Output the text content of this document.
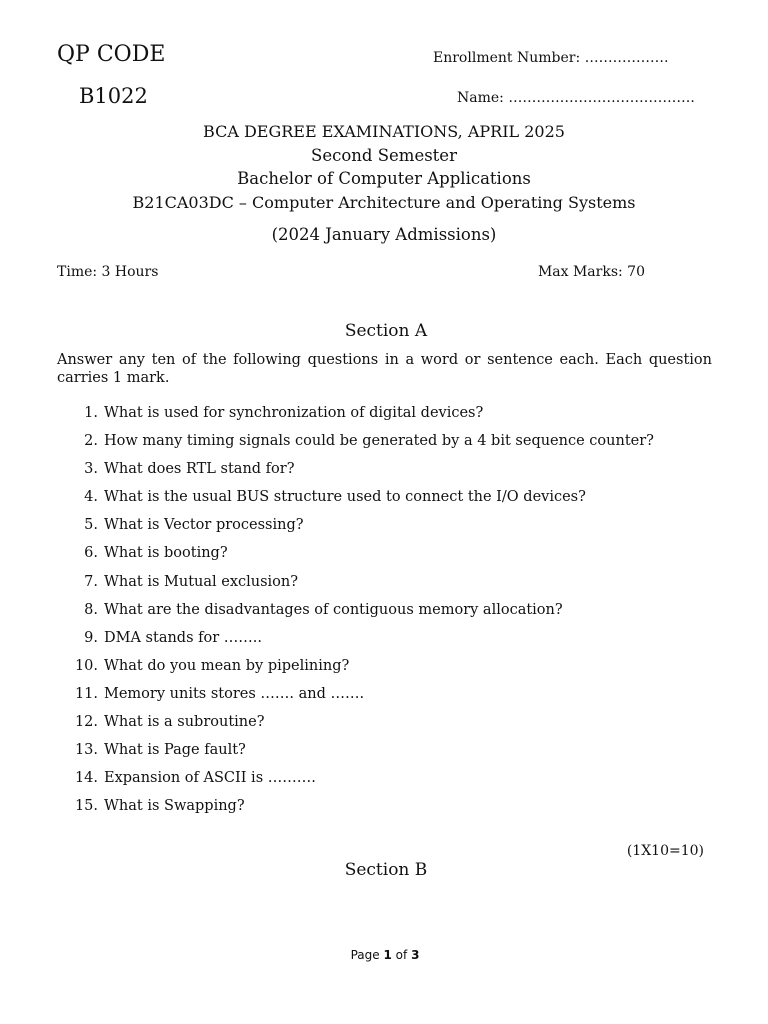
QP CODE
B1022
Enrollment Number: ………………
Name: ………………………………….
BCA DEGREE EXAMINATIONS, APRIL 2025
Second Semester
Bachelor of Computer Applications
B21CA03DC – Computer Architecture and Operating Systems
(2024 January Admissions)
Time: 3 Hours	Max Marks: 70
Section A
Answer any ten of the following questions in a word or sentence each. Each question carries 1 mark.
1. What is used for synchronization of digital devices?
2. How many timing signals could be generated by a 4 bit sequence counter?
3. What does RTL stand for?
4. What is the usual BUS structure used to connect the I/O devices?
5. What is Vector processing?
6. What is booting?
7. What is Mutual exclusion?
8. What are the disadvantages of contiguous memory allocation?
9. DMA stands for ……..
10. What do you mean by pipelining?
11. Memory units stores ……. and …….
12. What is a subroutine?
13. What is Page fault?
14. Expansion of ASCII is ……….
15. What is Swapping?
(1X10=10)
Section B
Page 1 of 3
